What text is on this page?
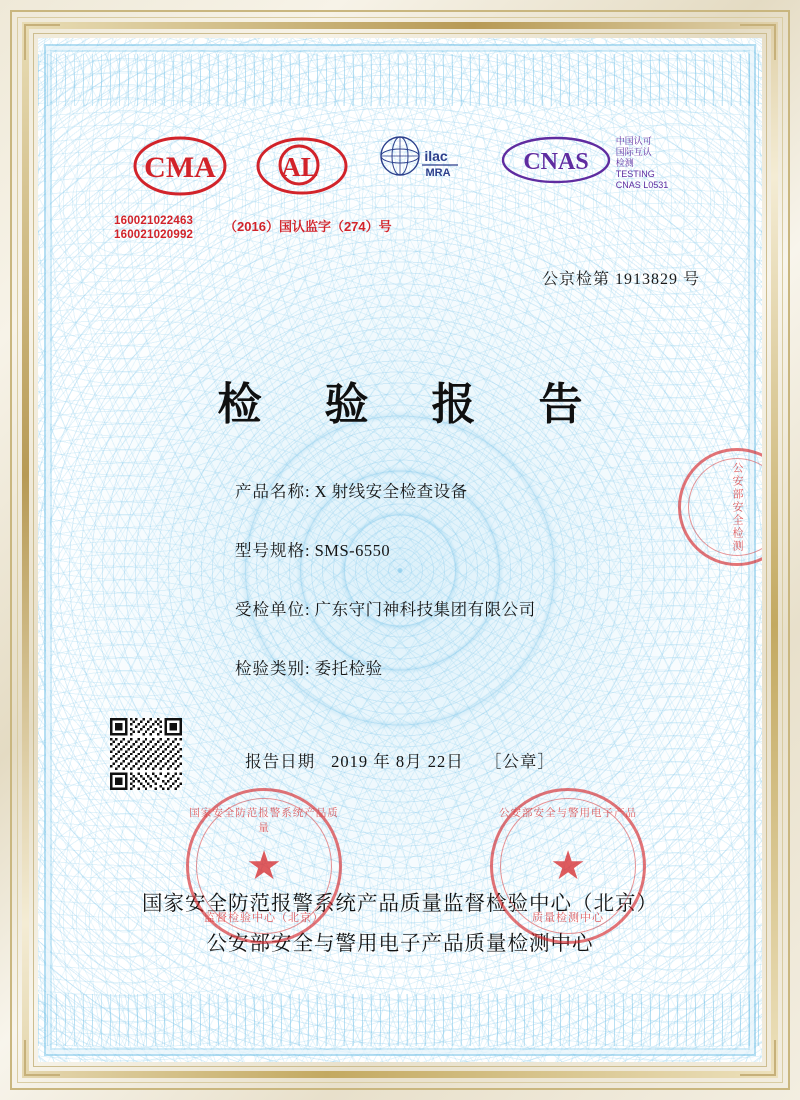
CMA AL	ilac
MRA	CNAS
中国认可
国际互认
检测
TESTING
CNAS L0531
160021022463
160021020992
（2016）国认监字（274）号
公京检第 1913829 号
检 验 报 告
产品名称: X 射线安全检查设备
型号规格: SMS-6550
受检单位: 广东守门神科技集团有限公司
检验类别: 委托检验
报告日期 2019 年 8月 22日 ［公章］
国家安全防范报警系统产品质量监督检验中心（北京）
公安部安全与警用电子产品质量检测中心
国家安全防范报警系统产品质量
★
监督检验中心（北京）
公安部安全与警用电子产品
★
质量检测中心
公安部安全检测
